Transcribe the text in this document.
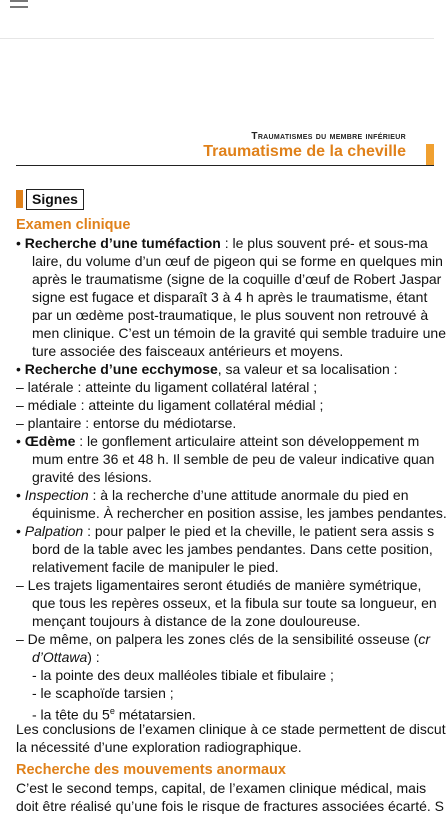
Traumatismes du membre inférieur
Traumatisme de la cheville
Signes
Examen clinique
• Recherche d’une tuméfaction : le plus souvent pré- et sous-ma
laire, du volume d’un œuf de pigeon qui se forme en quelques min
après le traumatisme (signe de la coquille d’œuf de Robert Jaspar
signe est fugace et disparaît 3 à 4 h après le traumatisme, étant
par un œdème post-traumatique, le plus souvent non retrouvé à
men clinique. C’est un témoin de la gravité qui semble traduire une
ture associée des faisceaux antérieurs et moyens.
• Recherche d’une ecchymose, sa valeur et sa localisation :
– latérale : atteinte du ligament collatéral latéral ;
– médiale : atteinte du ligament collatéral médial ;
– plantaire : entorse du médiotarse.
• Œdème : le gonflement articulaire atteint son développement m
mum entre 36 et 48 h. Il semble de peu de valeur indicative quan
gravité des lésions.
• Inspection : à la recherche d’une attitude anormale du pied en
équinisme. À rechercher en position assise, les jambes pendantes.
• Palpation : pour palper le pied et la cheville, le patient sera assis s
bord de la table avec les jambes pendantes. Dans cette position,
relativement facile de manipuler le pied.
– Les trajets ligamentaires seront étudiés de manière symétrique,
que tous les repères osseux, et la fibula sur toute sa longueur, en
mençant toujours à distance de la zone douloureuse.
– De même, on palpera les zones clés de la sensibilité osseuse (cr
d’Ottawa) :
- la pointe des deux malléoles tibiale et fibulaire ;
- le scaphoïde tarsien ;
- la tête du 5e métatarsien.
Les conclusions de l’examen clinique à ce stade permettent de discut
la nécessité d’une exploration radiographique.
Recherche des mouvements anormaux
C’est le second temps, capital, de l’examen clinique médical, mais
doit être réalisé qu’une fois le risque de fractures associées écarté. S
